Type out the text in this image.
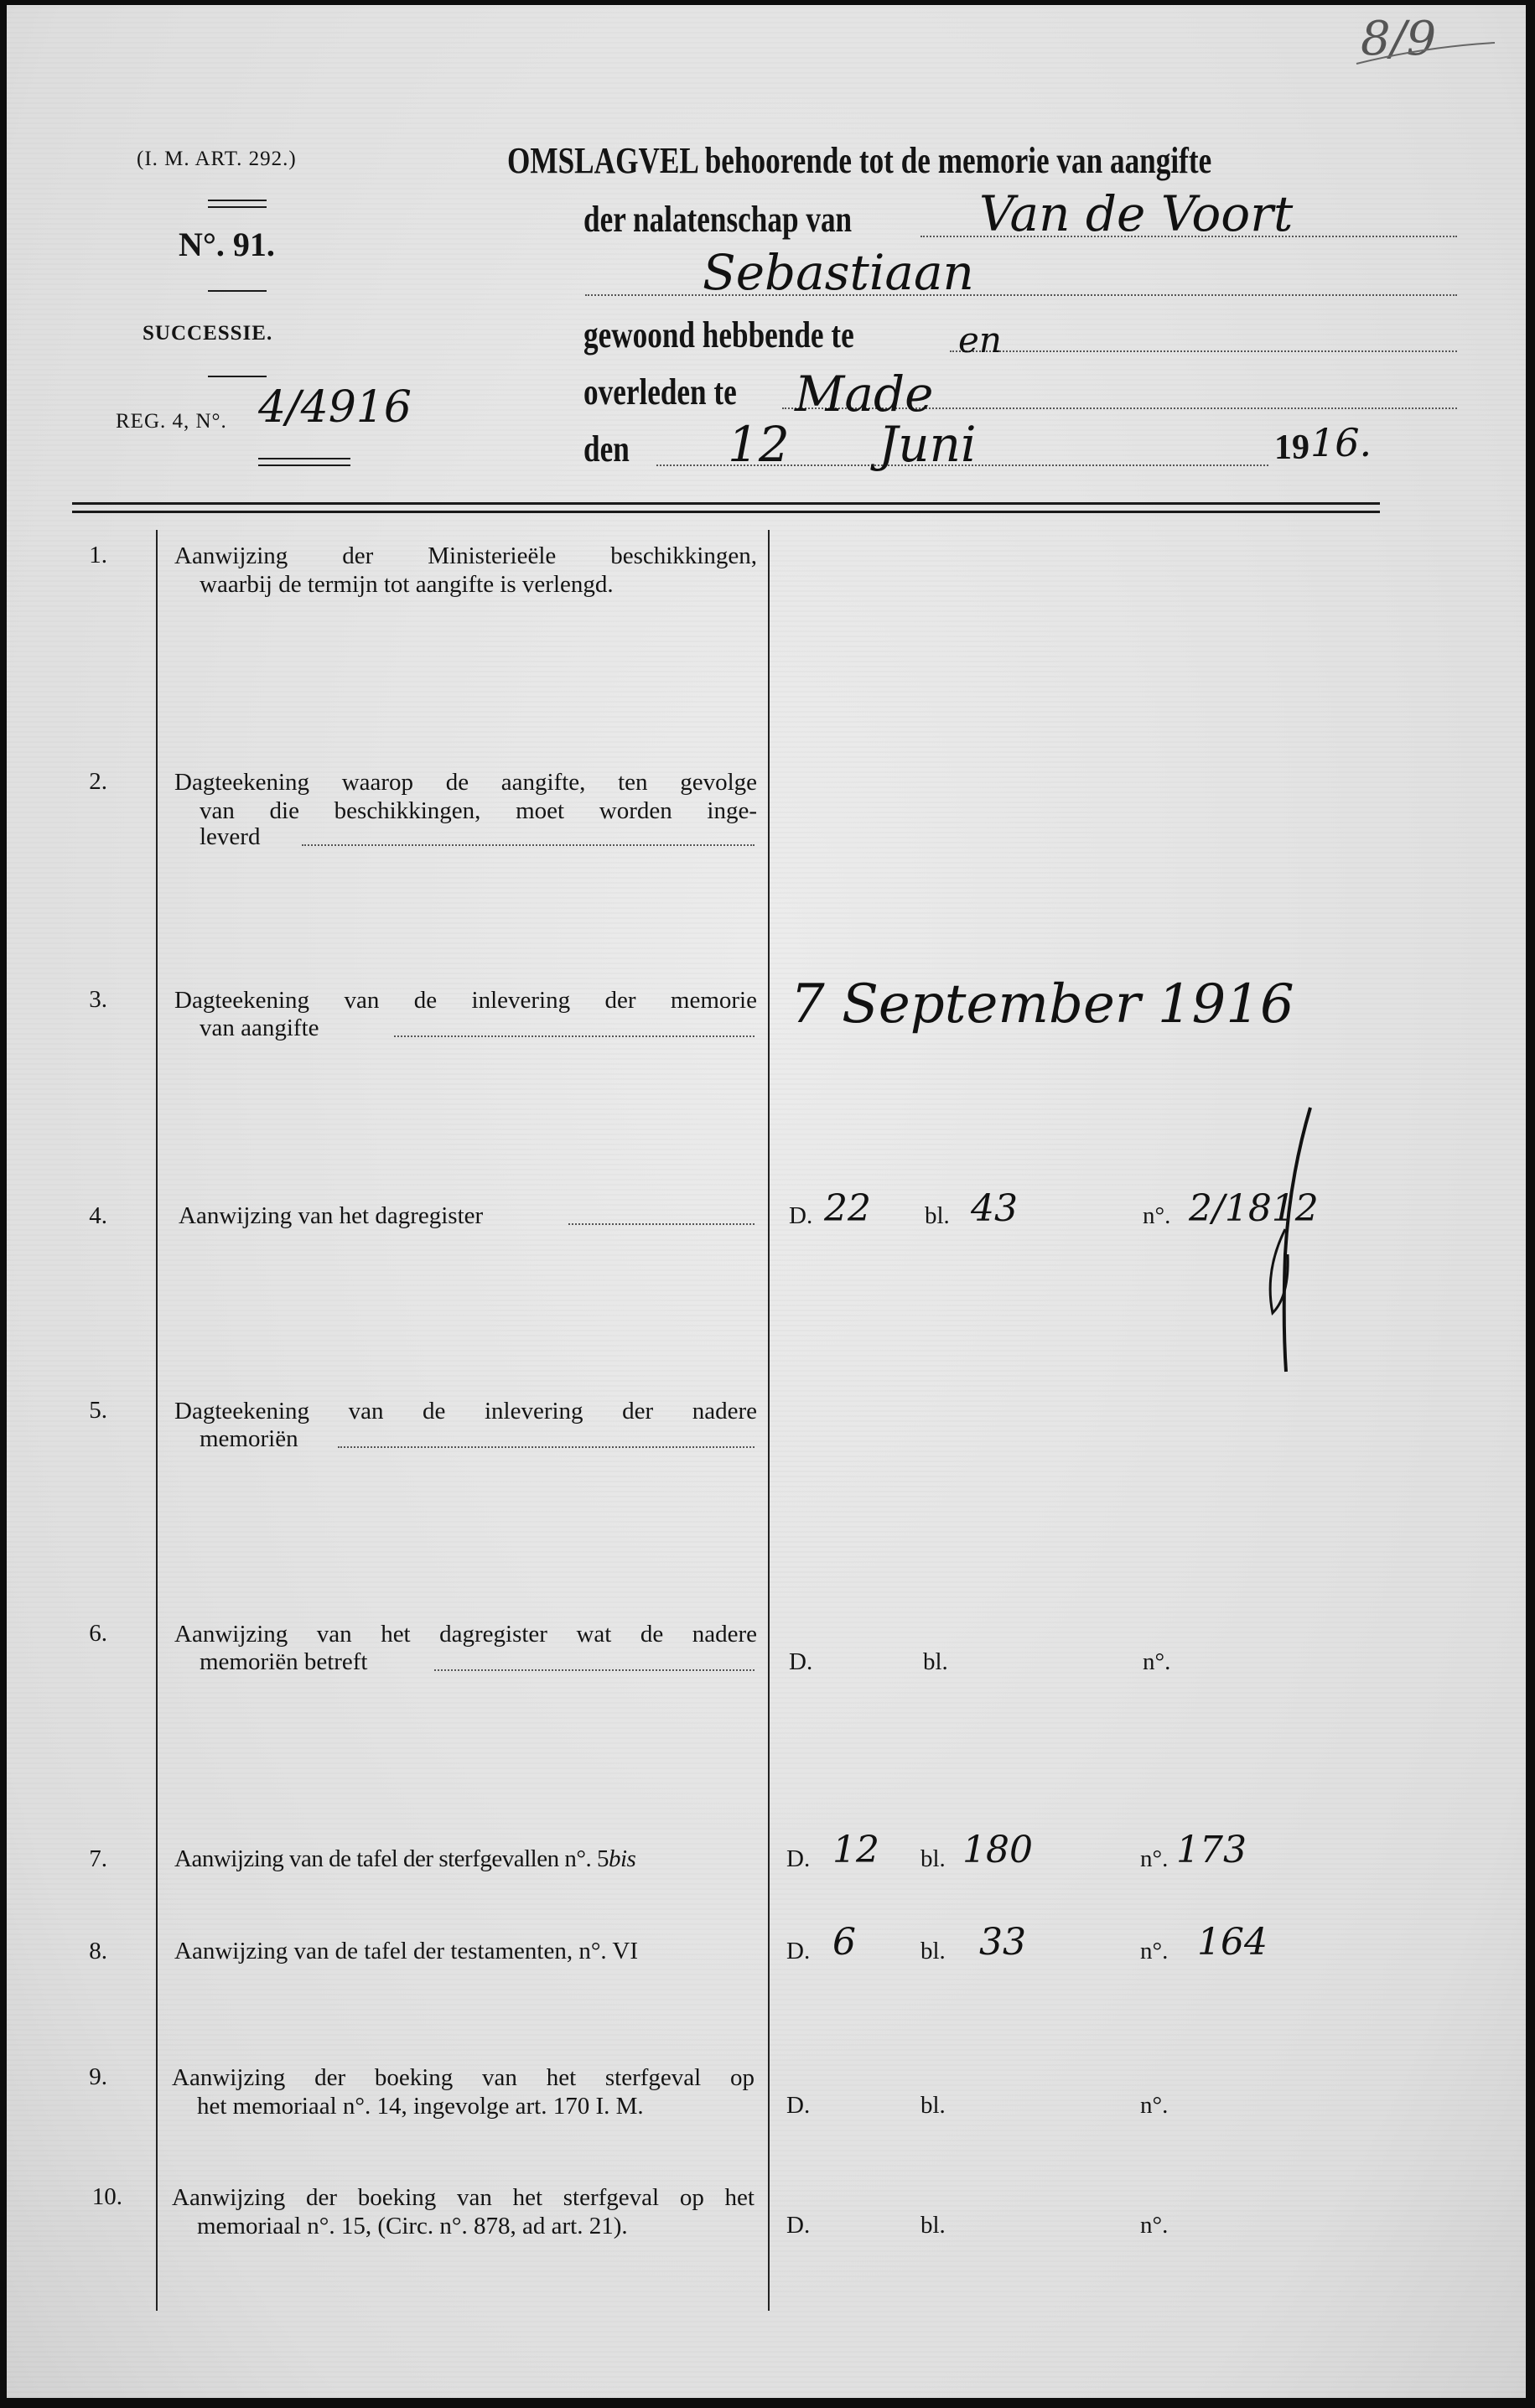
8/9
(I. M. ART. 292.)
N°. 91.
SUCCESSIE.
REG. 4, N°. 4/4916
OMSLAGVEL behoorende tot de memorie van aangifte
der nalatenschap van	Van de Voort
Sebastiaan
gewoond hebbende te	en
overleden te Made
den 12 Juni	19 16.
1.	Aanwijzing der Ministerieële beschikkingen,
waarbij de termijn tot aangifte is verlengd.
2.	Dagteekening waarop de aangifte, ten gevolge
van die beschikkingen, moet worden inge-
leverd
3.	Dagteekening van de inlevering der memorie
van aangifte	7 September 1916
4.	Aanwijzing van het dagregister	D. 22 bl. 43	n°. 2/1812
5.	Dagteekening van de inlevering der nadere
memoriën
6.	Aanwijzing van het dagregister wat de nadere
memoriën betreft	D.	bl.	n°.
7.	Aanwijzing van de tafel der sterfgevallen n°. 5bis	D. 12 bl. 180	n°. 173
8.	Aanwijzing van de tafel der testamenten, n°. VI	D. 6	bl. 33	n°. 164
9.	Aanwijzing der boeking van het sterfgeval op
het memoriaal n°. 14, ingevolge art. 170 I. M.	D.	bl.	n°.
10. Aanwijzing der boeking van het sterfgeval op het
memoriaal n°. 15, (Circ. n°. 878, ad art. 21).	D.	bl.	n°.
